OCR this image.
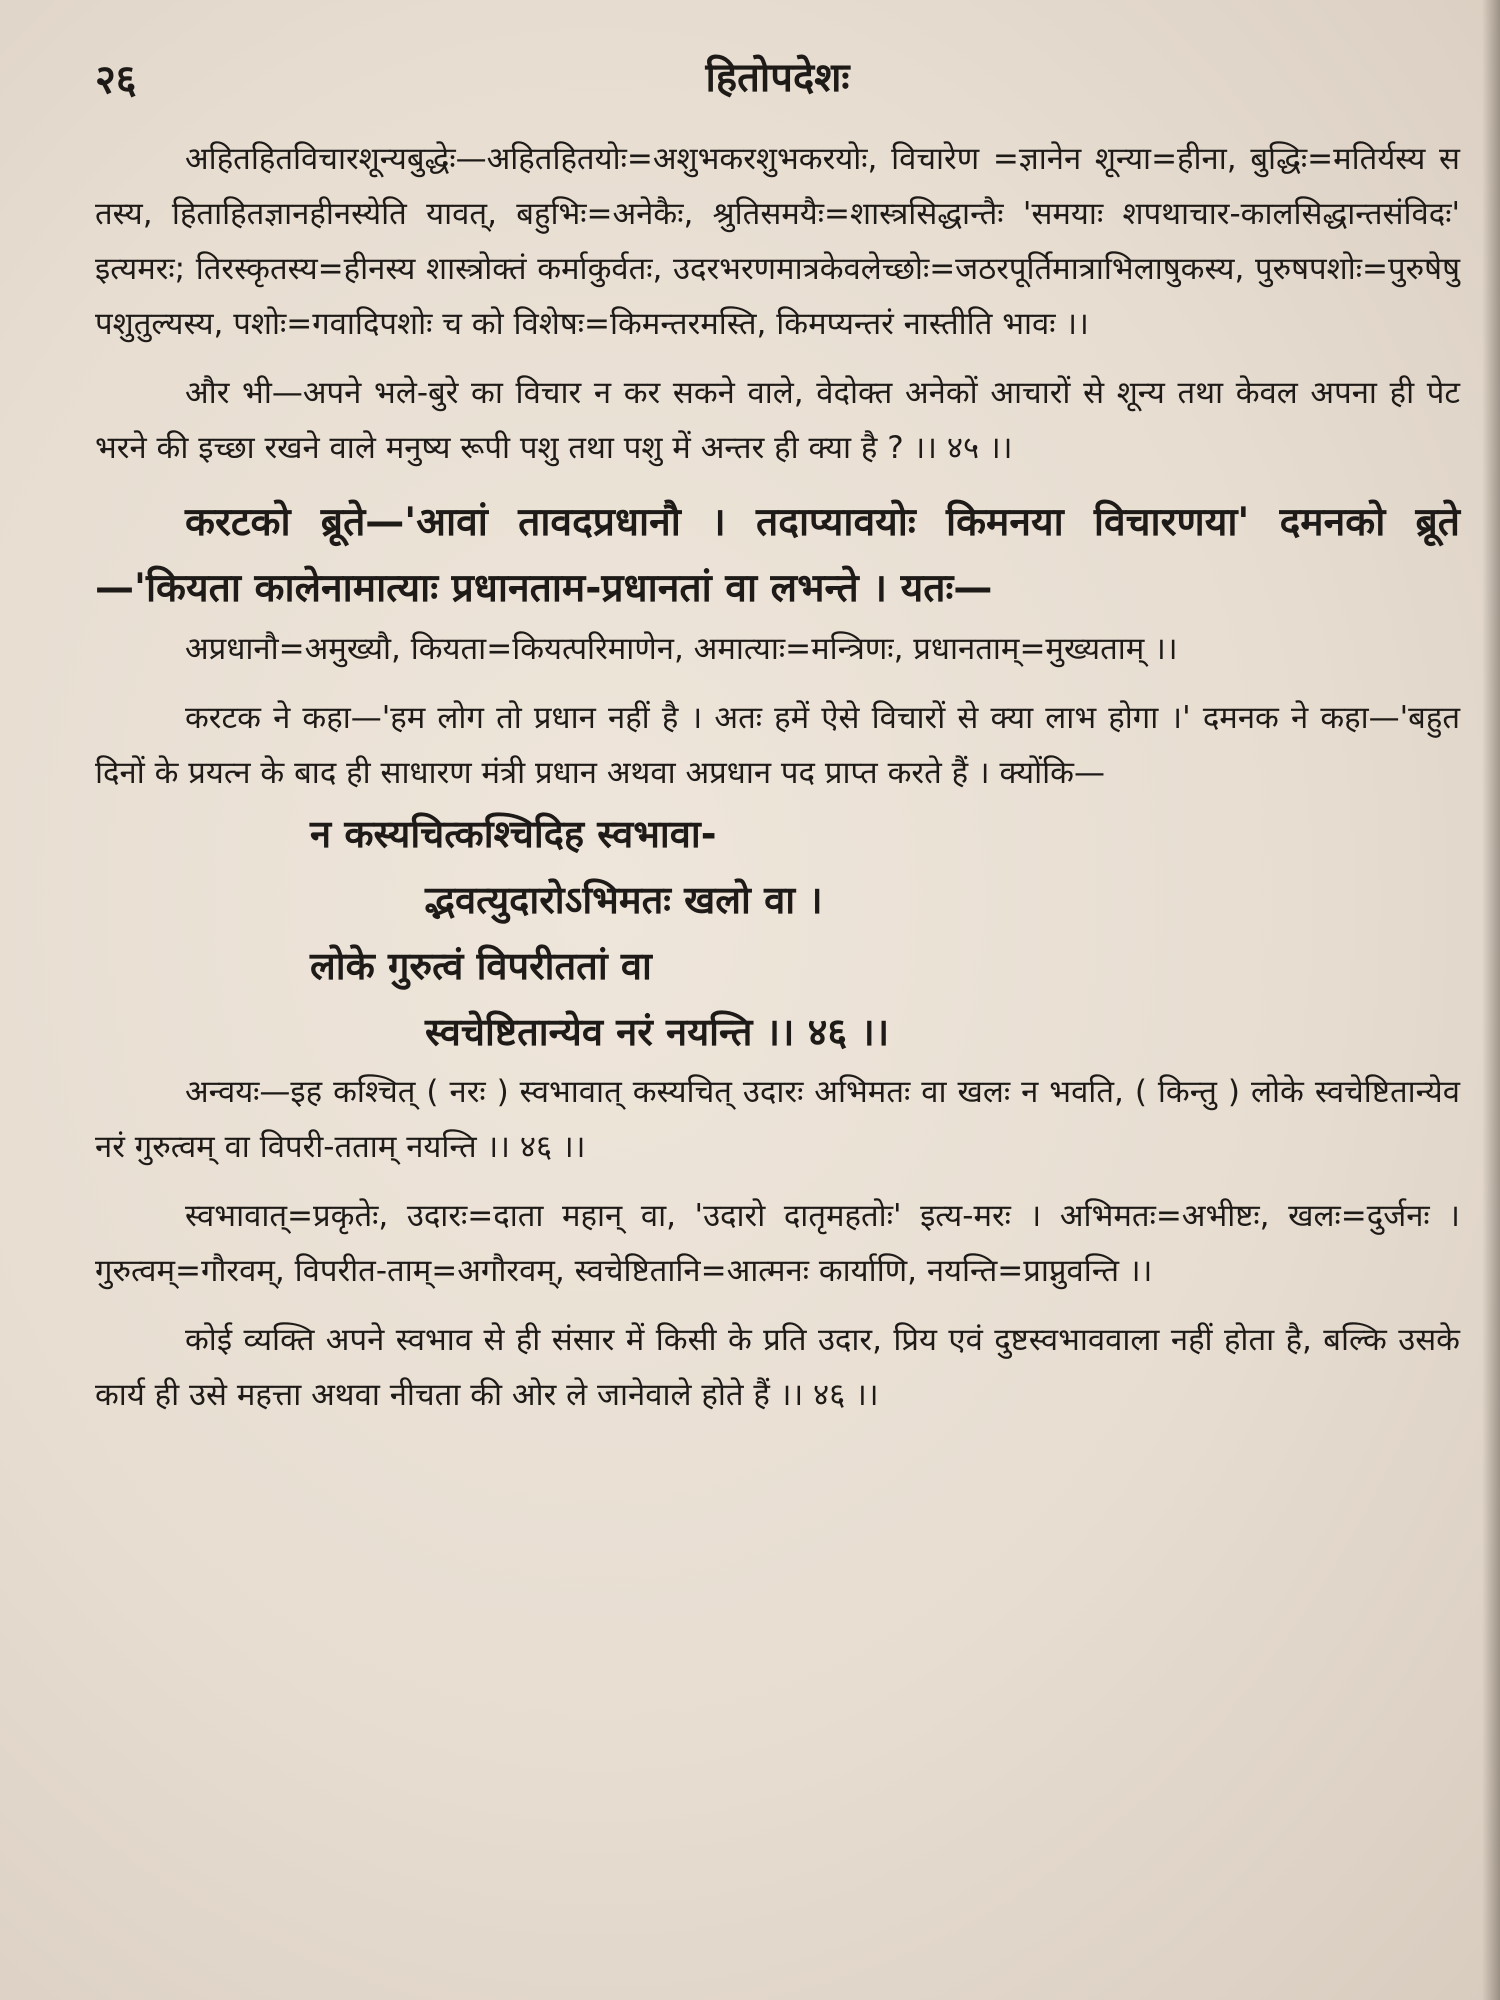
२६	हितोपदेशः

अहितहितविचारशून्यबुद्धेः—अहितहितयोः=अशुभकरशुभकरयोः, विचारेण =ज्ञानेन शून्या=हीना, बुद्धिः=मतिर्यस्य स तस्य, हिताहितज्ञानहीनस्येति यावत्, बहुभिः=अनेकैः, श्रुतिसमयैः=शास्त्रसिद्धान्तैः 'समयाः शपथाचार-कालसिद्धान्तसंविदः' इत्यमरः; तिरस्कृतस्य=हीनस्य शास्त्रोक्तं कर्माकुर्वतः, उदरभरणमात्रकेवलेच्छोः=जठरपूर्तिमात्राभिलाषुकस्य, पुरुषपशोः=पुरुषेषु पशुतुल्यस्य, पशोः=गवादिपशोः च को विशेषः=किमन्तरमस्ति, किमप्यन्तरं नास्तीति भावः ।।

और भी—अपने भले-बुरे का विचार न कर सकने वाले, वेदोक्त अनेकों आचारों से शून्य तथा केवल अपना ही पेट भरने की इच्छा रखने वाले मनुष्य रूपी पशु तथा पशु में अन्तर ही क्या है ? ।। ४५ ।।

करटको ब्रूते—'आवां तावदप्रधानौ । तदाप्यावयोः किमनया विचारणया' दमनको ब्रूते—'कियता कालेनामात्याः प्रधानताम-प्रधानतां वा लभन्ते । यतः—

अप्रधानौ=अमुख्यौ, कियता=कियत्परिमाणेन, अमात्याः=मन्त्रिणः, प्रधानताम्=मुख्यताम् ।।

करटक ने कहा—'हम लोग तो प्रधान नहीं है । अतः हमें ऐसे विचारों से क्या लाभ होगा ।' दमनक ने कहा—'बहुत दिनों के प्रयत्न के बाद ही साधारण मंत्री प्रधान अथवा अप्रधान पद प्राप्त करते हैं । क्योंकि—

न कस्यचित्कश्चिदिह स्वभावा-
द्भवत्युदारोऽभिमतः खलो वा ।
लोके गुरुत्वं विपरीततां वा
स्वचेष्टितान्येव नरं नयन्ति ।। ४६ ।।

अन्वयः—इह कश्चित् ( नरः ) स्वभावात् कस्यचित् उदारः अभिमतः वा खलः न भवति, ( किन्तु ) लोके स्वचेष्टितान्येव नरं गुरुत्वम् वा विपरी-तताम् नयन्ति ।। ४६ ।।

स्वभावात्=प्रकृतेः, उदारः=दाता महान् वा, 'उदारो दातृमहतोः' इत्य-मरः । अभिमतः=अभीष्टः, खलः=दुर्जनः । गुरुत्वम्=गौरवम्, विपरीत-ताम्=अगौरवम्, स्वचेष्टितानि=आत्मनः कार्याणि, नयन्ति=प्राप्नुवन्ति ।।

कोई व्यक्ति अपने स्वभाव से ही संसार में किसी के प्रति उदार, प्रिय एवं दुष्टस्वभाववाला नहीं होता है, बल्कि उसके कार्य ही उसे महत्ता अथवा नीचता की ओर ले जानेवाले होते हैं ।। ४६ ।।
